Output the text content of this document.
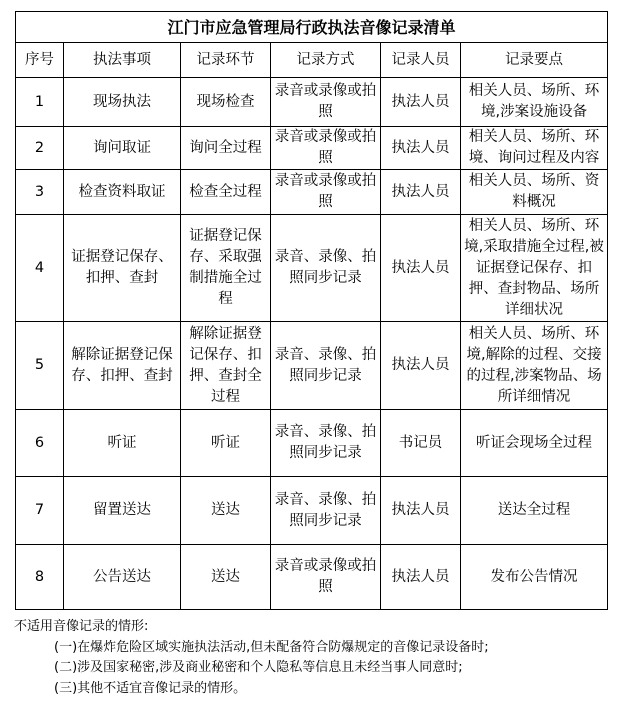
江门市应急管理局行政执法音像记录清单					
序号	执法事项	记录环节	记录方式	记录人员	记录要点
1	现场执法	现场检查	录音或录像或拍照	执法人员	相关人员、场所、环境,涉案设施设备
2	询问取证	询问全过程	录音或录像或拍照	执法人员	相关人员、场所、环境、询问过程及内容
3	检查资料取证	检查全过程	录音或录像或拍照	执法人员	相关人员、场所、资料概况
4	证据登记保存、扣押、查封	证据登记保存、采取强制措施全过程	录音、录像、拍照同步记录	执法人员	相关人员、场所、环境,采取措施全过程,被证据登记保存、扣押、查封物品、场所详细状况
5	解除证据登记保存、扣押、查封	解除证据登记保存、扣押、查封全过程	录音、录像、拍照同步记录	执法人员	相关人员、场所、环境,解除的过程、交接的过程,涉案物品、场所详细情况
6	听证	听证	录音、录像、拍照同步记录	书记员	听证会现场全过程
7	留置送达	送达	录音、录像、拍照同步记录	执法人员	送达全过程
8	公告送达	送达	录音或录像或拍照	执法人员	发布公告情况
不适用音像记录的情形:
(一)在爆炸危险区域实施执法活动,但未配备符合防爆规定的音像记录设备时;
(二)涉及国家秘密,涉及商业秘密和个人隐私等信息且未经当事人同意时;
(三)其他不适宜音像记录的情形。
